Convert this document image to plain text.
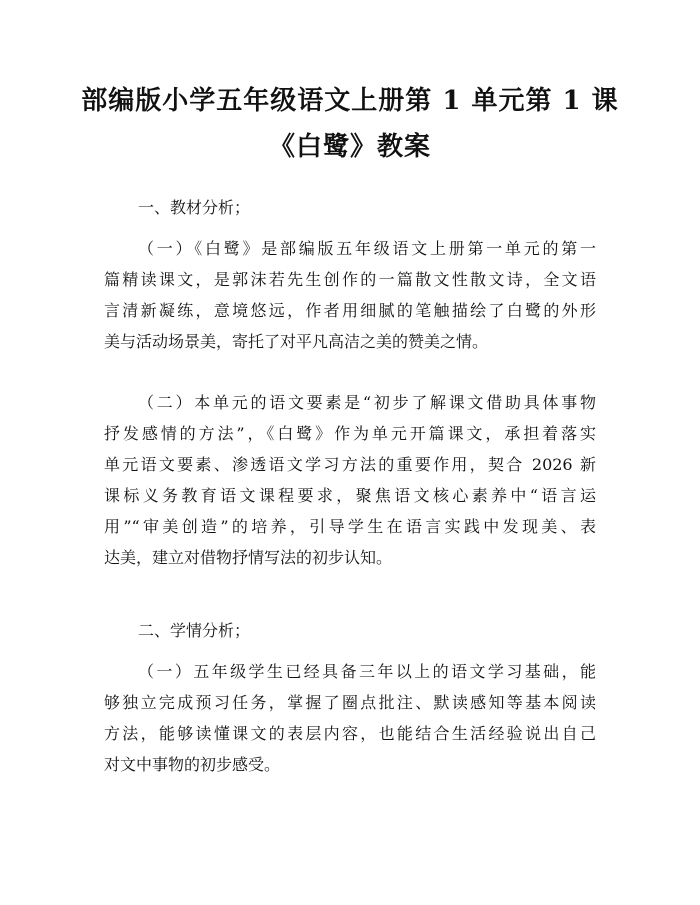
部编版小学五年级语文上册第 1 单元第 1 课
《白鹭》教案
一、教材分析；
（一）《白鹭》是部编版五年级语文上册第一单元的第一
篇精读课文，是郭沫若先生创作的一篇散文性散文诗，全文语
言清新凝练，意境悠远，作者用细腻的笔触描绘了白鹭的外形
美与活动场景美，寄托了对平凡高洁之美的赞美之情。
（二）本单元的语文要素是“初步了解课文借助具体事物
抒发感情的方法”，《白鹭》作为单元开篇课文，承担着落实
单元语文要素、渗透语文学习方法的重要作用，契合 2026 新
课标义务教育语文课程要求，聚焦语文核心素养中“语言运
用”“审美创造”的培养，引导学生在语言实践中发现美、表
达美，建立对借物抒情写法的初步认知。
二、学情分析；
（一）五年级学生已经具备三年以上的语文学习基础，能
够独立完成预习任务，掌握了圈点批注、默读感知等基本阅读
方法，能够读懂课文的表层内容，也能结合生活经验说出自己
对文中事物的初步感受。
